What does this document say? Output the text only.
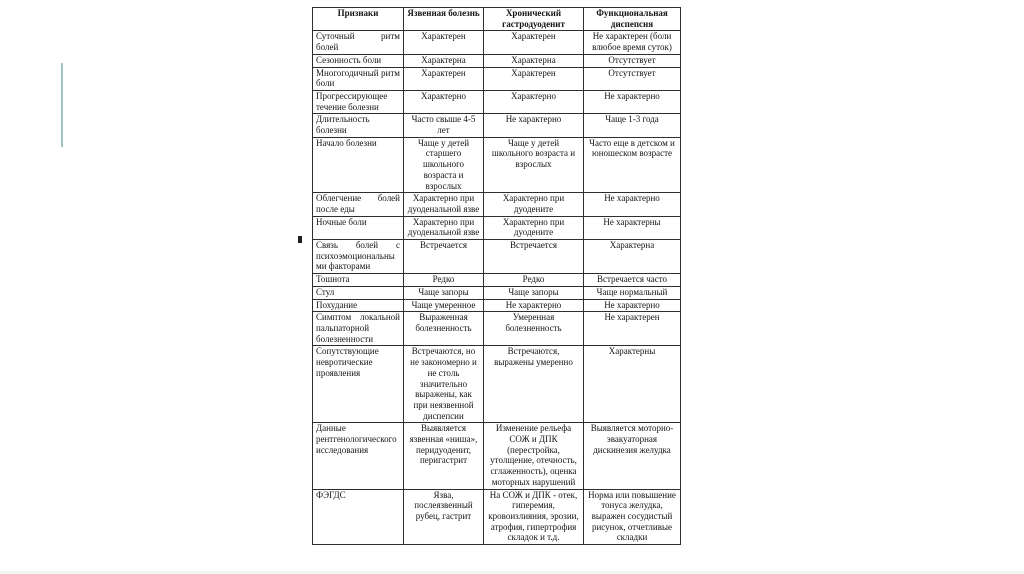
Признаки	Язвенная болезнь	Хронический гастродуоденит	Функциональная диспепсия
Суточный ритм болей	Характерен	Характерен	Не характерен (боли влюбое время суток)
Сезонность боли	Характерна	Характерна	Отсутствует
Многогодичный ритм боли	Характерен	Характерен	Отсутствует
Прогрессирующее течение болезни	Характерно	Характерно	Не характерно
Длительность болезни	Часто свыше 4-5 лет	Не характерно	Чаще 1-3 года
Начало болезни	Чаще у детей старшего школьного возраста и взрослых	Чаще у детей школьного возраста и взрослых	Часто еще в детском и юношеском возрасте
Облегчение болей после еды	Характерно при дуоденальной язве	Характерно при дуодените	Не характерно
Ночные боли	Характерно при дуоденальной язве	Характерно при дуодените	Не характерны
Связь болей с психоэмоциональными факторами	Встречается	Встречается	Характерна
Тошнота	Редко	Редко	Встречается часто
Стул	Чаще запоры	Чаще запоры	Чаще нормальный
Похудание	Чаще умеренное	Не характерно	Не характерно
Симптом локальной пальпаторной болезненности	Выраженная болезненность	Умеренная болезненность	Не характерен
Сопутствующие невротические проявления	Встречаются, но не закономерно и не столь значительно выражены, как при неязвенной диспепсии	Встречаются, выражены умеренно	Характерны
Данные рентгенологического исследования	Выявляется язвенная «ниша», перидуоденит, перигастрит	Изменение рельефа СОЖ и ДПК (перестройка, утолщение, отечность, сглаженность), оценка моторных нарушений	Выявляется моторно-эвакуаторная дискинезия желудка
ФЭГДС	Язва, послеязвенный рубец, гастрит	На СОЖ и ДПК - отек, гиперемия, кровоизлияния, эрозии, атрофия, гипертрофия складок и т.д.	Норма или повышение тонуса желудка, выражен сосудистый рисунок, отчетливые складки
